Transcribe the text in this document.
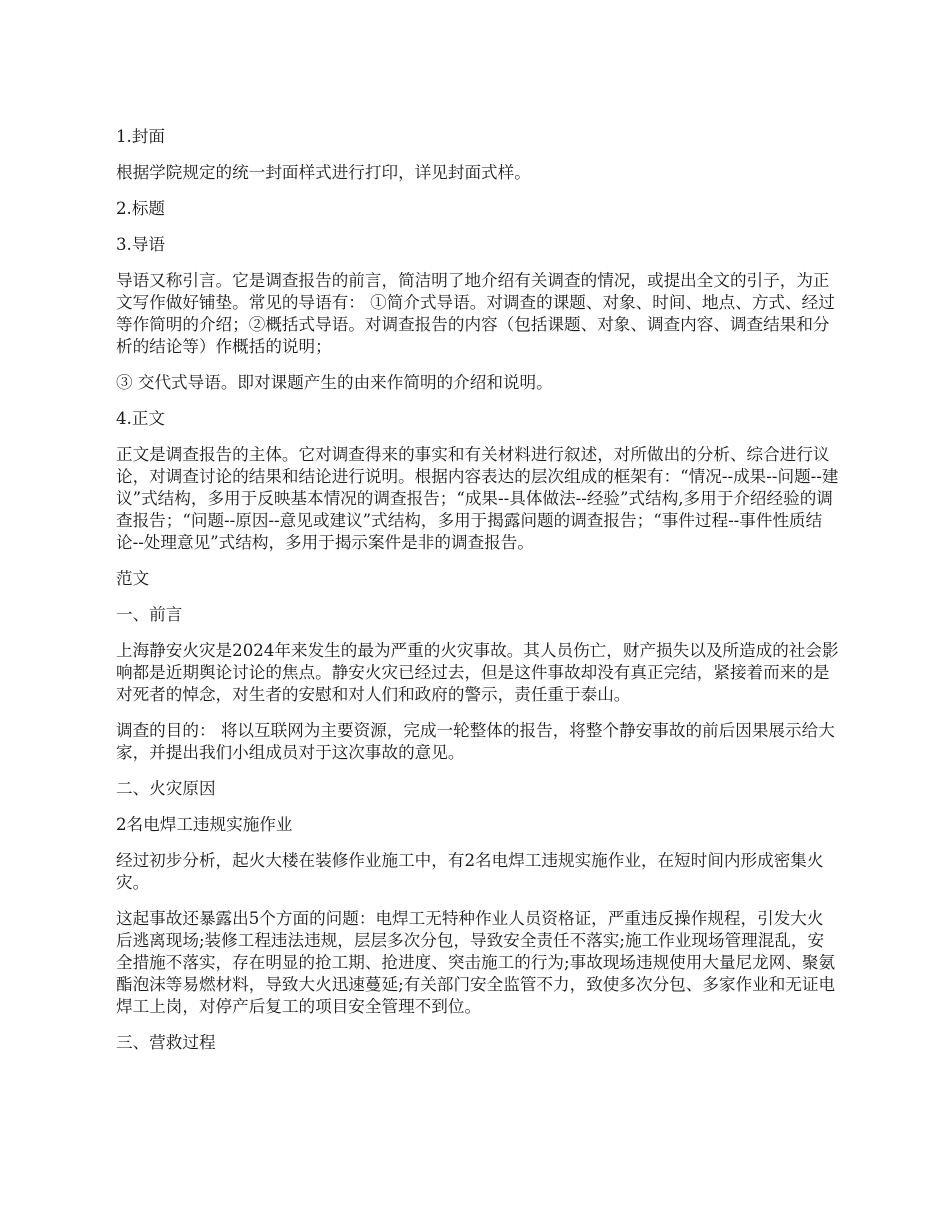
1.封面

根据学院规定的统一封面样式进行打印，详见封面式样。

2.标题

3.导语

导语又称引言。它是调查报告的前言，简洁明了地介绍有关调查的情况，或提出全文的引子，为正文写作做好铺垫。常见的导语有： ①简介式导语。对调查的课题、对象、时间、地点、方式、经过等作简明的介绍；②概括式导语。对调查报告的内容（包括课题、对象、调查内容、调查结果和分析的结论等）作概括的说明；

③ 交代式导语。即对课题产生的由来作简明的介绍和说明。

4.正文

正文是调查报告的主体。它对调查得来的事实和有关材料进行叙述，对所做出的分析、综合进行议论，对调查讨论的结果和结论进行说明。根据内容表达的层次组成的框架有：“情况--成果--问题--建议”式结构，多用于反映基本情况的调查报告；“成果--具体做法--经验”式结构,多用于介绍经验的调查报告；“问题--原因--意见或建议”式结构，多用于揭露问题的调查报告；“事件过程--事件性质结论--处理意见”式结构，多用于揭示案件是非的调查报告。

范文

一、前言

上海静安火灾是2024年来发生的最为严重的火灾事故。其人员伤亡，财产损失以及所造成的社会影响都是近期舆论讨论的焦点。静安火灾已经过去，但是这件事故却没有真正完结，紧接着而来的是对死者的悼念，对生者的安慰和对人们和政府的警示，责任重于泰山。

调查的目的： 将以互联网为主要资源，完成一轮整体的报告，将整个静安事故的前后因果展示给大家，并提出我们小组成员对于这次事故的意见。

二、火灾原因

2名电焊工违规实施作业

经过初步分析，起火大楼在装修作业施工中，有2名电焊工违规实施作业，在短时间内形成密集火灾。

这起事故还暴露出5个方面的问题：电焊工无特种作业人员资格证，严重违反操作规程，引发大火后逃离现场;装修工程违法违规，层层多次分包，导致安全责任不落实;施工作业现场管理混乱，安全措施不落实，存在明显的抢工期、抢进度、突击施工的行为;事故现场违规使用大量尼龙网、聚氨酯泡沫等易燃材料，导致大火迅速蔓延;有关部门安全监管不力，致使多次分包、多家作业和无证电焊工上岗，对停产后复工的项目安全管理不到位。

三、营救过程
